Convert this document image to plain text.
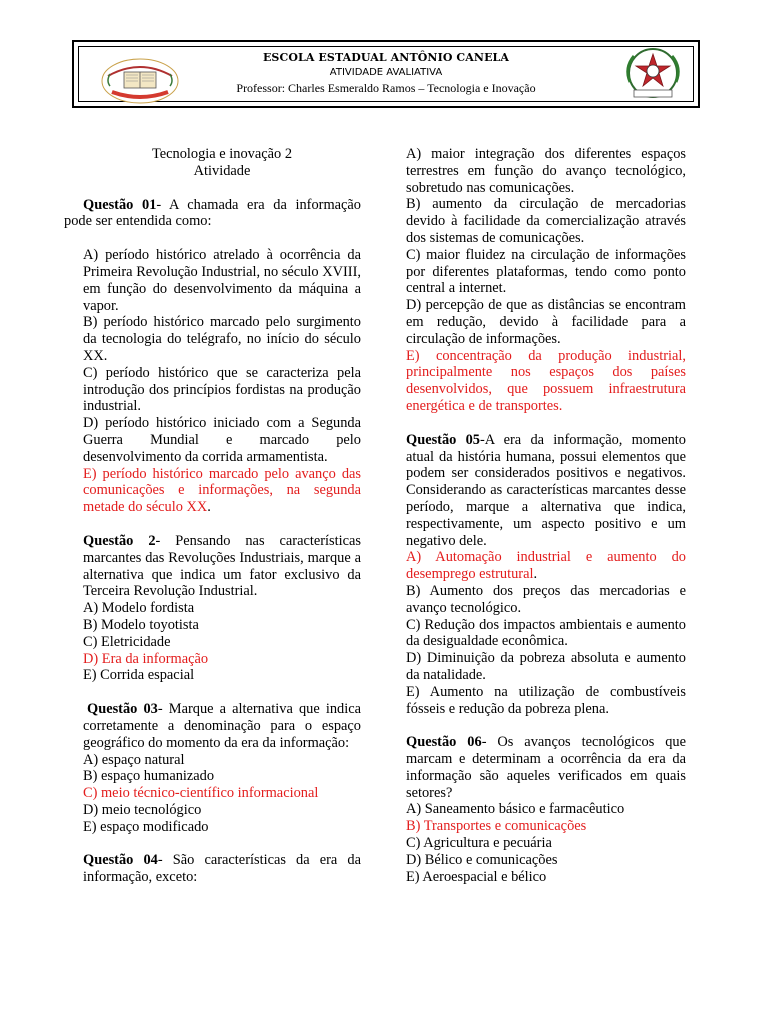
ESCOLA ESTADUAL ANTÔNIO CANELA
ATIVIDADE AVALIATIVA
Professor: Charles Esmeraldo Ramos – Tecnologia e Inovação

Tecnologia e inovação 2

Atividade

Questão 01- A chamada era da informação pode ser entendida como:

A) período histórico atrelado à ocorrência da Primeira Revolução Industrial, no século XVIII, em função do desenvolvimento da máquina a vapor.

B) período histórico marcado pelo surgimento da tecnologia do telégrafo, no início do século XX.

C) período histórico que se caracteriza pela introdução dos princípios fordistas na produção industrial.

D) período histórico iniciado com a Segunda Guerra Mundial e marcado pelo desenvolvimento da corrida armamentista.

E) período histórico marcado pelo avanço das comunicações e informações, na segunda metade do século XX.

Questão 2- Pensando nas características marcantes das Revoluções Industriais, marque a alternativa que indica um fator exclusivo da Terceira Revolução Industrial.

A) Modelo fordista

B) Modelo toyotista

C) Eletricidade

D) Era da informação

E) Corrida espacial

Questão 03- Marque a alternativa que indica corretamente a denominação para o espaço geográfico do momento da era da informação:

A) espaço natural

B) espaço humanizado

C) meio técnico-científico informacional

D) meio tecnológico

E) espaço modificado

Questão 04- São características da era da informação, exceto:

A) maior integração dos diferentes espaços terrestres em função do avanço tecnológico, sobretudo nas comunicações.

B) aumento da circulação de mercadorias devido à facilidade da comercialização através dos sistemas de comunicações.

C) maior fluidez na circulação de informações por diferentes plataformas, tendo como ponto central a internet.

D) percepção de que as distâncias se encontram em redução, devido à facilidade para a circulação de informações.

E) concentração da produção industrial, principalmente nos espaços dos países desenvolvidos, que possuem infraestrutura energética e de transportes.

Questão 05-A era da informação, momento atual da história humana, possui elementos que podem ser considerados positivos e negativos. Considerando as características marcantes desse período, marque a alternativa que indica, respectivamente, um aspecto positivo e um negativo dele.

A) Automação industrial e aumento do desemprego estrutural.

B) Aumento dos preços das mercadorias e avanço tecnológico.

C) Redução dos impactos ambientais e aumento da desigualdade econômica.

D) Diminuição da pobreza absoluta e aumento da natalidade.

E) Aumento na utilização de combustíveis fósseis e redução da pobreza plena.

Questão 06- Os avanços tecnológicos que marcam e determinam a ocorrência da era da informação são aqueles verificados em quais setores?

A) Saneamento básico e farmacêutico

B) Transportes e comunicações

C) Agricultura e pecuária

D) Bélico e comunicações

E) Aeroespacial e bélico
